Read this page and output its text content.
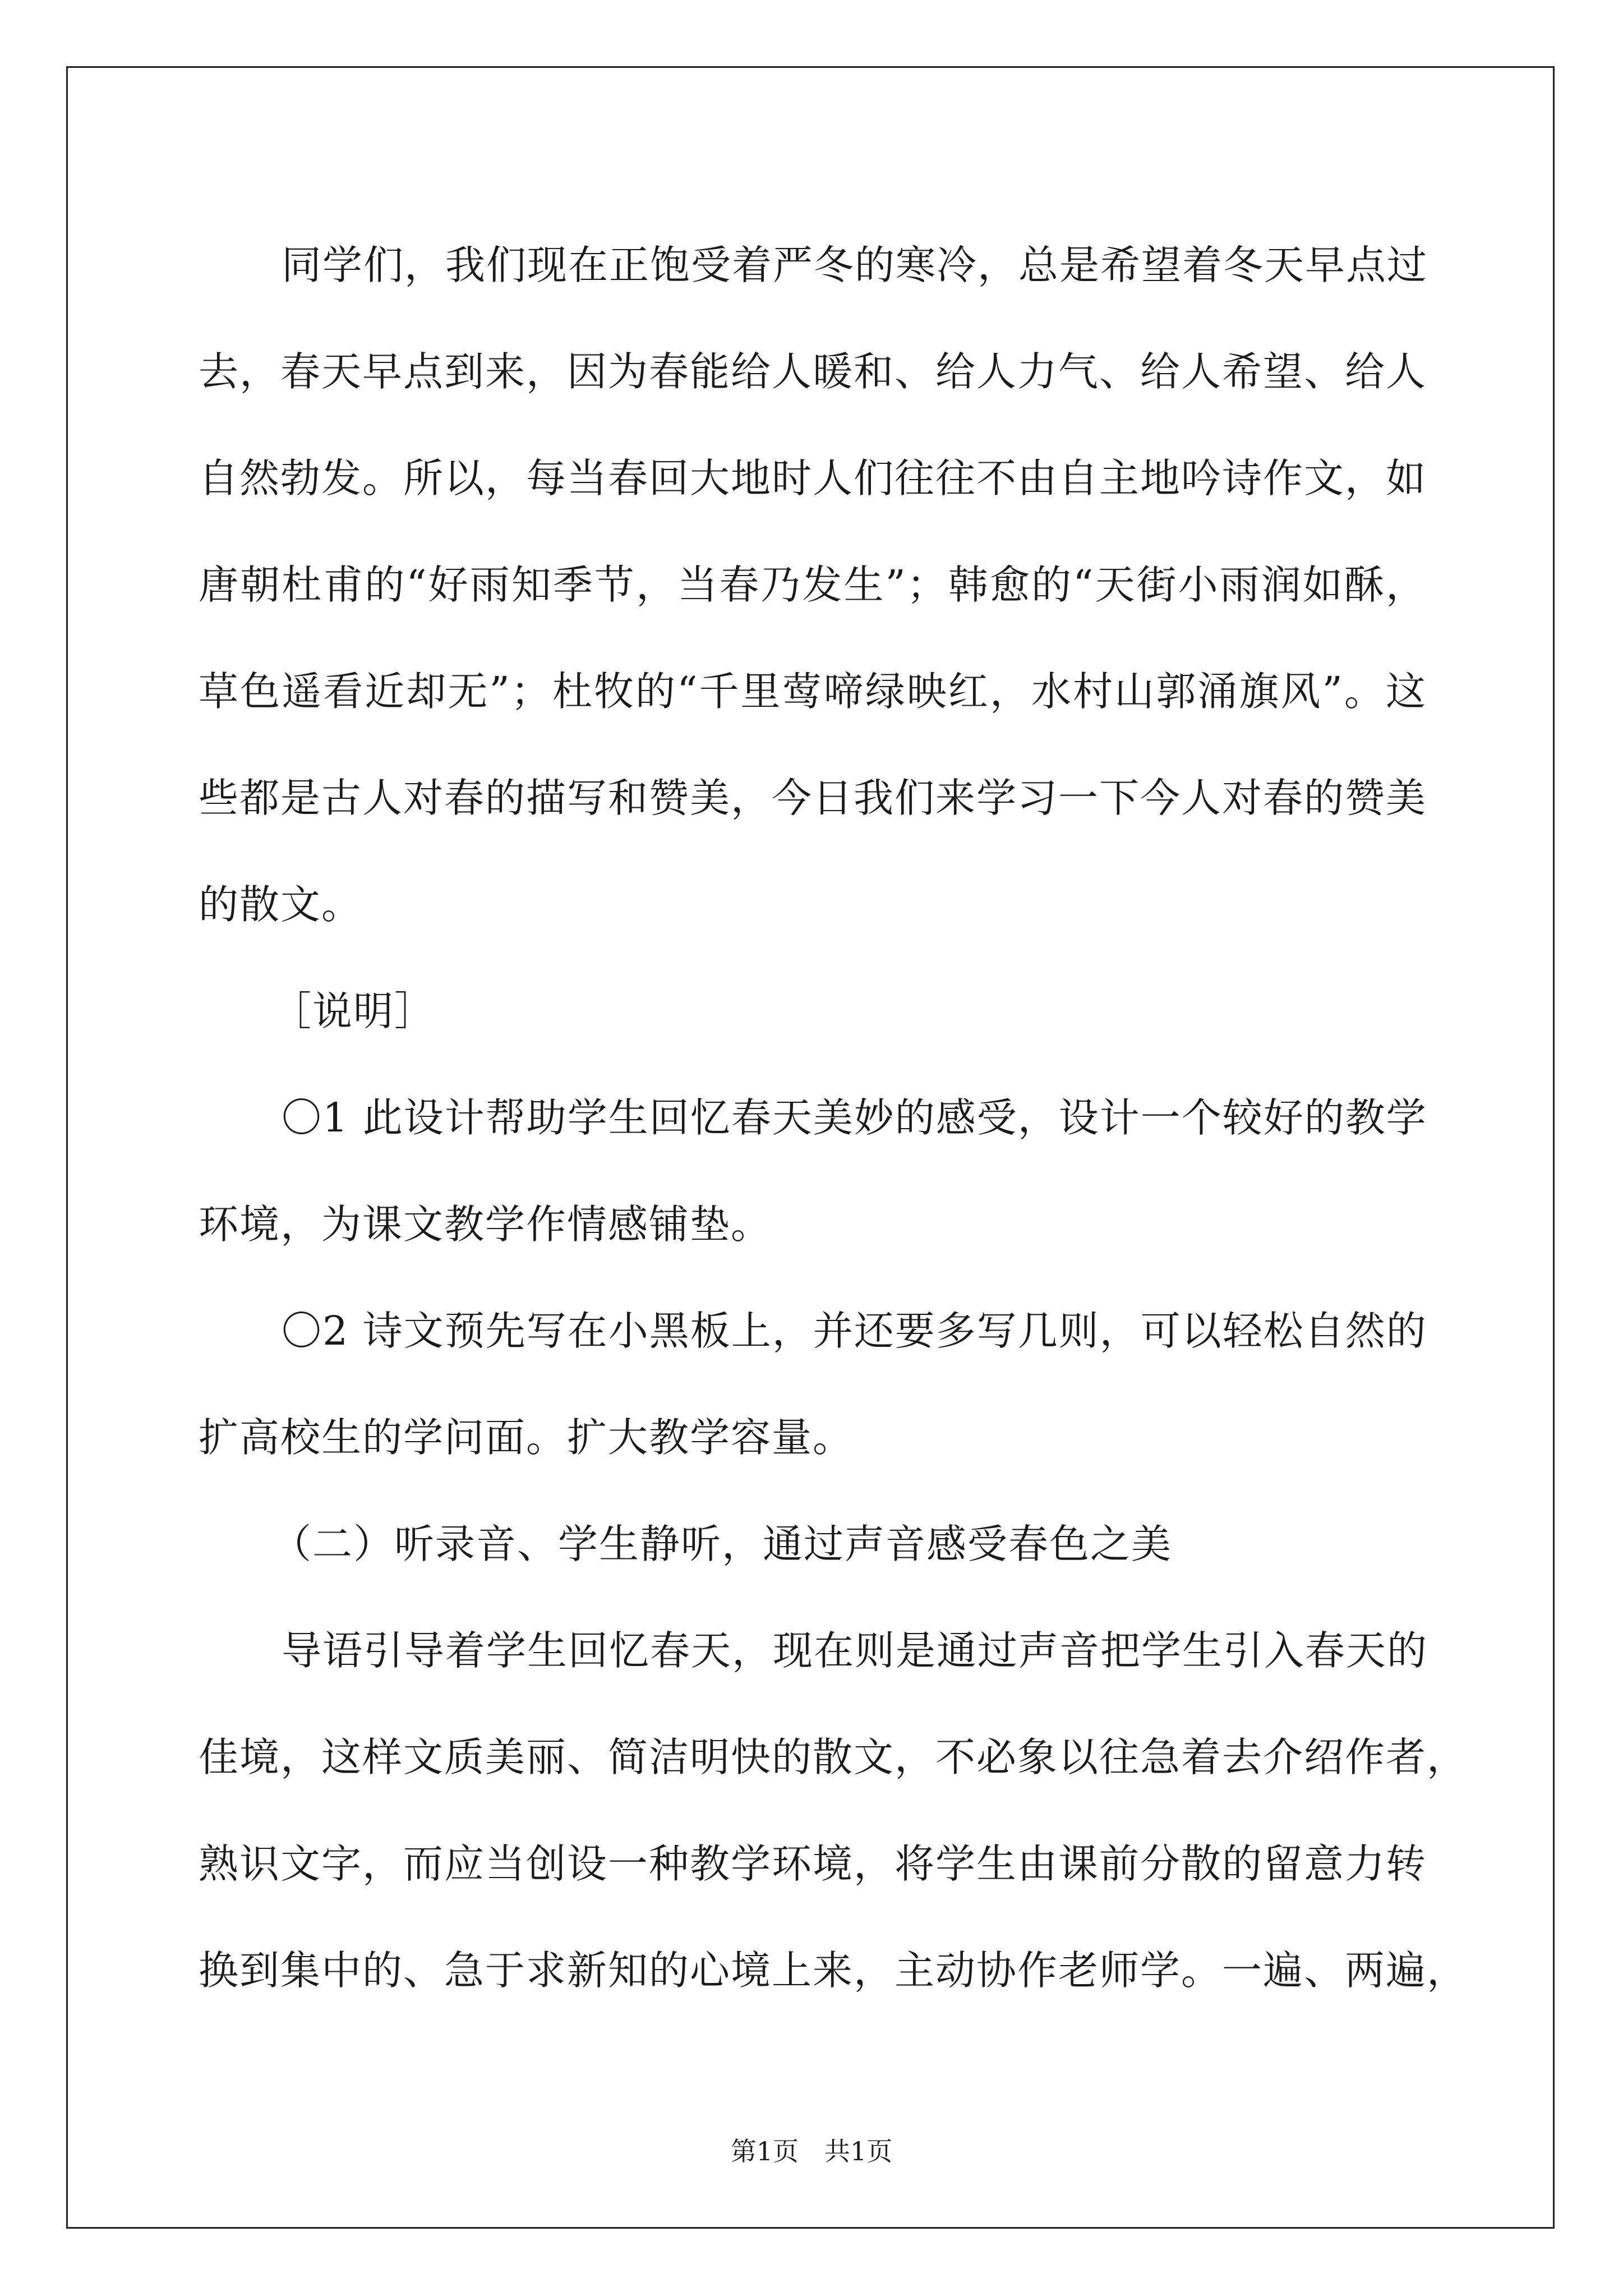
同学们，我们现在正饱受着严冬的寒冷，总是希望着冬天早点过
去，春天早点到来，因为春能给人暖和、给人力气、给人希望、给人
自然勃发。所以，每当春回大地时人们往往不由自主地吟诗作文，如
唐朝杜甫的“好雨知季节，当春乃发生”；韩愈的“天街小雨润如酥，
草色遥看近却无”；杜牧的“千里莺啼绿映红，水村山郭涌旗风”。这
些都是古人对春的描写和赞美，今日我们来学习一下今人对春的赞美
的散文。
［说明］
〇1 此设计帮助学生回忆春天美妙的感受，设计一个较好的教学
环境，为课文教学作情感铺垫。
〇2 诗文预先写在小黑板上，并还要多写几则，可以轻松自然的
扩高校生的学问面。扩大教学容量。
（二）听录音、学生静听，通过声音感受春色之美
导语引导着学生回忆春天，现在则是通过声音把学生引入春天的
佳境，这样文质美丽、简洁明快的散文，不必象以往急着去介绍作者，
熟识文字，而应当创设一种教学环境，将学生由课前分散的留意力转
换到集中的、急于求新知的心境上来，主动协作老师学。一遍、两遍，
第1页　共1页
